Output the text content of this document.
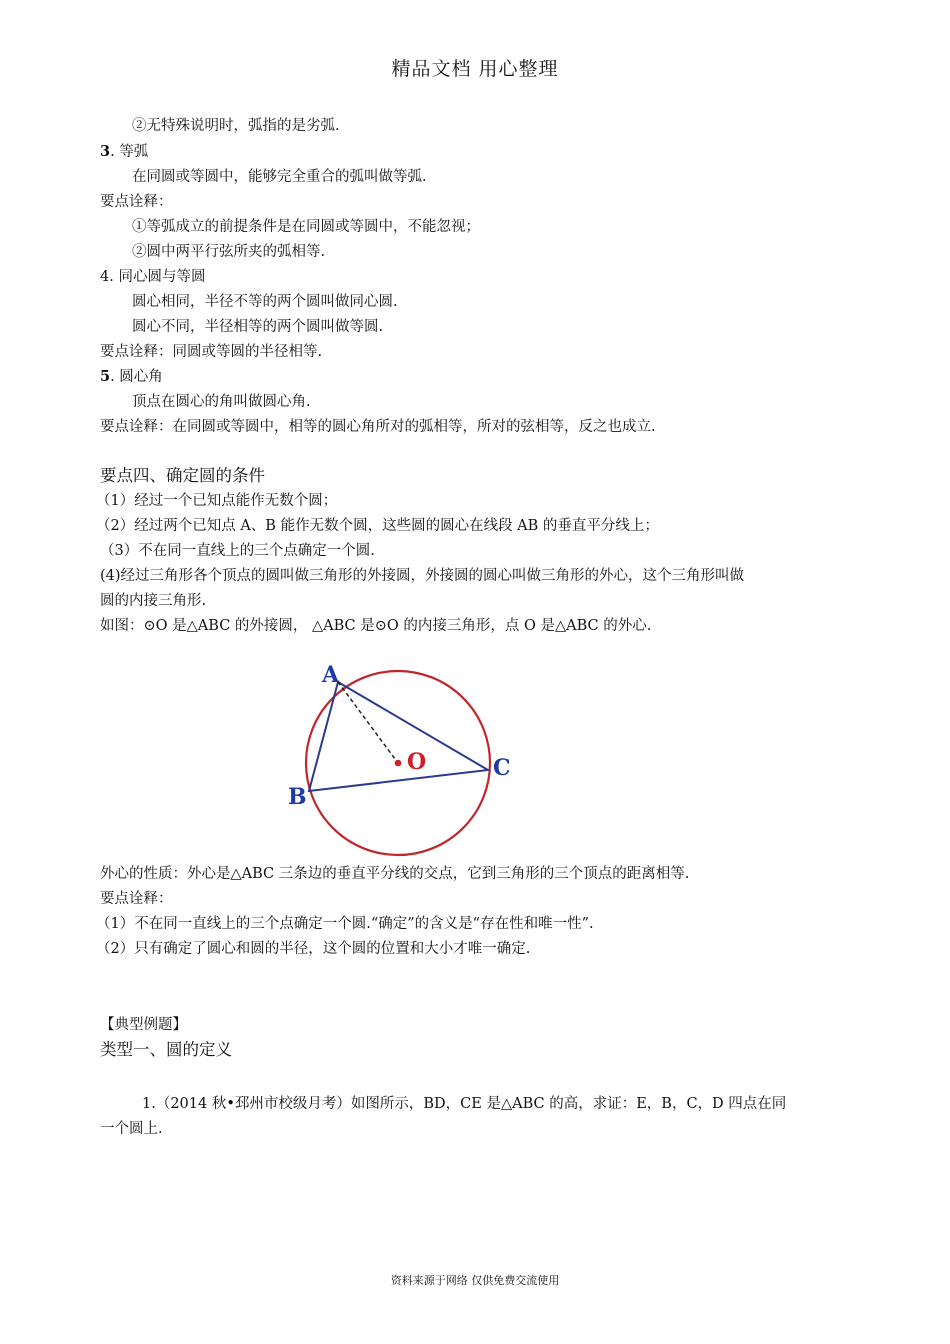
精品文档 用心整理
②无特殊说明时，弧指的是劣弧.
3. 等弧
在同圆或等圆中，能够完全重合的弧叫做等弧.
要点诠释：
①等弧成立的前提条件是在同圆或等圆中，不能忽视；
②圆中两平行弦所夹的弧相等.
4. 同心圆与等圆
圆心相同，半径不等的两个圆叫做同心圆.
圆心不同，半径相等的两个圆叫做等圆.
要点诠释：同圆或等圆的半径相等.
5. 圆心角
顶点在圆心的角叫做圆心角.
要点诠释：在同圆或等圆中，相等的圆心角所对的弧相等，所对的弦相等，反之也成立.
要点四、确定圆的条件
（1）经过一个已知点能作无数个圆；
（2）经过两个已知点 A、B 能作无数个圆，这些圆的圆心在线段 AB 的垂直平分线上；
（3）不在同一直线上的三个点确定一个圆.
(4)经过三角形各个顶点的圆叫做三角形的外接圆，外接圆的圆心叫做三角形的外心，这个三角形叫做
圆的内接三角形.
如图：⊙O 是△ABC 的外接圆， △ABC 是⊙O 的内接三角形，点 O 是△ABC 的外心.
外心的性质：外心是△ABC 三条边的垂直平分线的交点，它到三角形的三个顶点的距离相等.
要点诠释：
（1）不在同一直线上的三个点确定一个圆.“确定”的含义是“存在性和唯一性”.
（2）只有确定了圆心和圆的半径，这个圆的位置和大小才唯一确定.
【典型例题】
类型一、圆的定义
1.（2014 秋•邳州市校级月考）如图所示，BD，CE 是△ABC 的高，求证：E，B，C，D 四点在同
一个圆上.
A
B
C
O
资料来源于网络 仅供免费交流使用
